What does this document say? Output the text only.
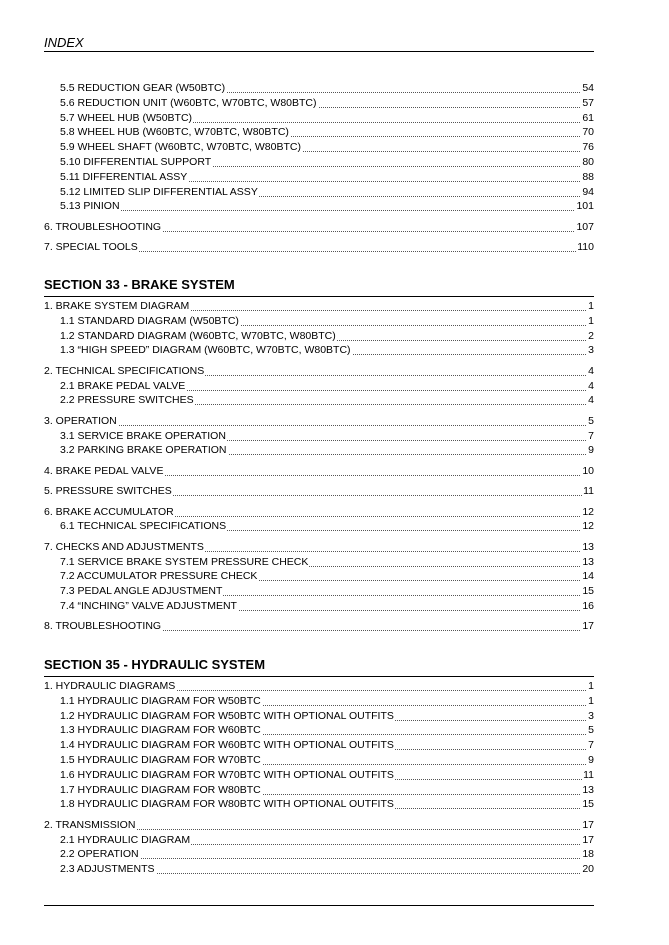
INDEX
5.5 REDUCTION GEAR (W50BTC)	54
5.6 REDUCTION UNIT (W60BTC, W70BTC, W80BTC)	57
5.7 WHEEL HUB (W50BTC)	61
5.8 WHEEL HUB (W60BTC, W70BTC, W80BTC)	70
5.9 WHEEL SHAFT (W60BTC, W70BTC, W80BTC)	76
5.10 DIFFERENTIAL SUPPORT	80
5.11 DIFFERENTIAL ASSY	88
5.12 LIMITED SLIP DIFFERENTIAL ASSY	94
5.13 PINION	101
6. TROUBLESHOOTING	107
7. SPECIAL TOOLS	110
SECTION 33 - BRAKE SYSTEM
1. BRAKE SYSTEM DIAGRAM	1
1.1 STANDARD DIAGRAM (W50BTC)	1
1.2 STANDARD DIAGRAM (W60BTC, W70BTC, W80BTC)	2
1.3 “HIGH SPEED” DIAGRAM (W60BTC, W70BTC, W80BTC)	3
2. TECHNICAL SPECIFICATIONS	4
2.1 BRAKE PEDAL VALVE	4
2.2 PRESSURE SWITCHES	4
3. OPERATION	5
3.1 SERVICE BRAKE OPERATION	7
3.2 PARKING BRAKE OPERATION	9
4. BRAKE PEDAL VALVE	10
5. PRESSURE SWITCHES	11
6. BRAKE ACCUMULATOR	12
6.1 TECHNICAL SPECIFICATIONS	12
7. CHECKS AND ADJUSTMENTS	13
7.1 SERVICE BRAKE SYSTEM PRESSURE CHECK	13
7.2 ACCUMULATOR PRESSURE CHECK	14
7.3 PEDAL ANGLE ADJUSTMENT	15
7.4 “INCHING” VALVE ADJUSTMENT	16
8. TROUBLESHOOTING	17
SECTION 35 - HYDRAULIC SYSTEM
1. HYDRAULIC DIAGRAMS	1
1.1 HYDRAULIC DIAGRAM FOR W50BTC	1
1.2 HYDRAULIC DIAGRAM FOR W50BTC WITH OPTIONAL OUTFITS	3
1.3 HYDRAULIC DIAGRAM FOR W60BTC	5
1.4 HYDRAULIC DIAGRAM FOR W60BTC WITH OPTIONAL OUTFITS	7
1.5 HYDRAULIC DIAGRAM FOR W70BTC	9
1.6 HYDRAULIC DIAGRAM FOR W70BTC WITH OPTIONAL OUTFITS	11
1.7 HYDRAULIC DIAGRAM FOR W80BTC	13
1.8 HYDRAULIC DIAGRAM FOR W80BTC WITH OPTIONAL OUTFITS	15
2. TRANSMISSION	17
2.1 HYDRAULIC DIAGRAM	17
2.2 OPERATION	18
2.3 ADJUSTMENTS	20
